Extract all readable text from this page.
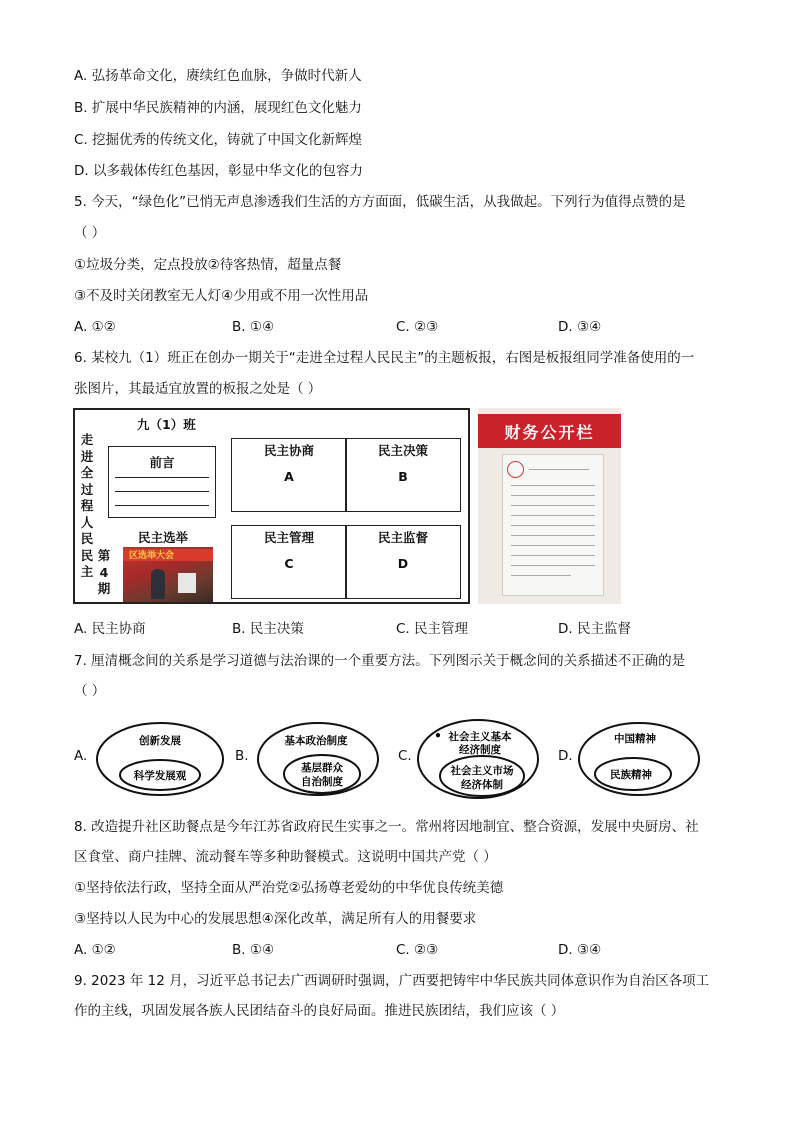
A. 弘扬革命文化，赓续红色血脉，争做时代新人
B. 扩展中华民族精神的内涵，展现红色文化魅力
C. 挖掘优秀的传统文化，铸就了中国文化新辉煌
D. 以多载体传红色基因，彰显中华文化的包容力
5. 今天，“绿色化”已悄无声息渗透我们生活的方方面面，低碳生活，从我做起。下列行为值得点赞的是
（ ）
①垃圾分类，定点投放②待客热情，超量点餐
③不及时关闭教室无人灯④少用或不用一次性用品
A. ①②	B. ①④	C. ②③	D. ③④
6. 某校九（1）班正在创办一期关于“走进全过程人民民主”的主题板报，右图是板报组同学准备使用的一
张图片，其最适宜放置的板报之处是（ ）
九（1）班
走进全过程人民民主
第4期
前言
民主选举
区选举大会
民主协商
A
民主决策
B
民主管理
C
民主监督
D
财务公开栏
A. 民主协商	B. 民主决策	C. 民主管理	D. 民主监督
7. 厘清概念间的关系是学习道德与法治课的一个重要方法。下列图示关于概念间的关系描述不正确的是
（ ）
A.
创新发展
科学发展观
B.
基本政治制度
基层群众
自治制度
C.
• 社会主义基本
经济制度
社会主义市场
经济体制
D.
中国精神
民族精神
8. 改造提升社区助餐点是今年江苏省政府民生实事之一。常州将因地制宜、整合资源，发展中央厨房、社
区食堂、商户挂牌、流动餐车等多种助餐模式。这说明中国共产党（ ）
①坚持依法行政，坚持全面从严治党②弘扬尊老爱幼的中华优良传统美德
③坚持以人民为中心的发展思想④深化改革，满足所有人的用餐要求
A. ①②	B. ①④	C. ②③	D. ③④
9. 2023 年 12 月，习近平总书记去广西调研时强调，广西要把铸牢中华民族共同体意识作为自治区各项工
作的主线，巩固发展各族人民团结奋斗的良好局面。推进民族团结，我们应该（ ）
